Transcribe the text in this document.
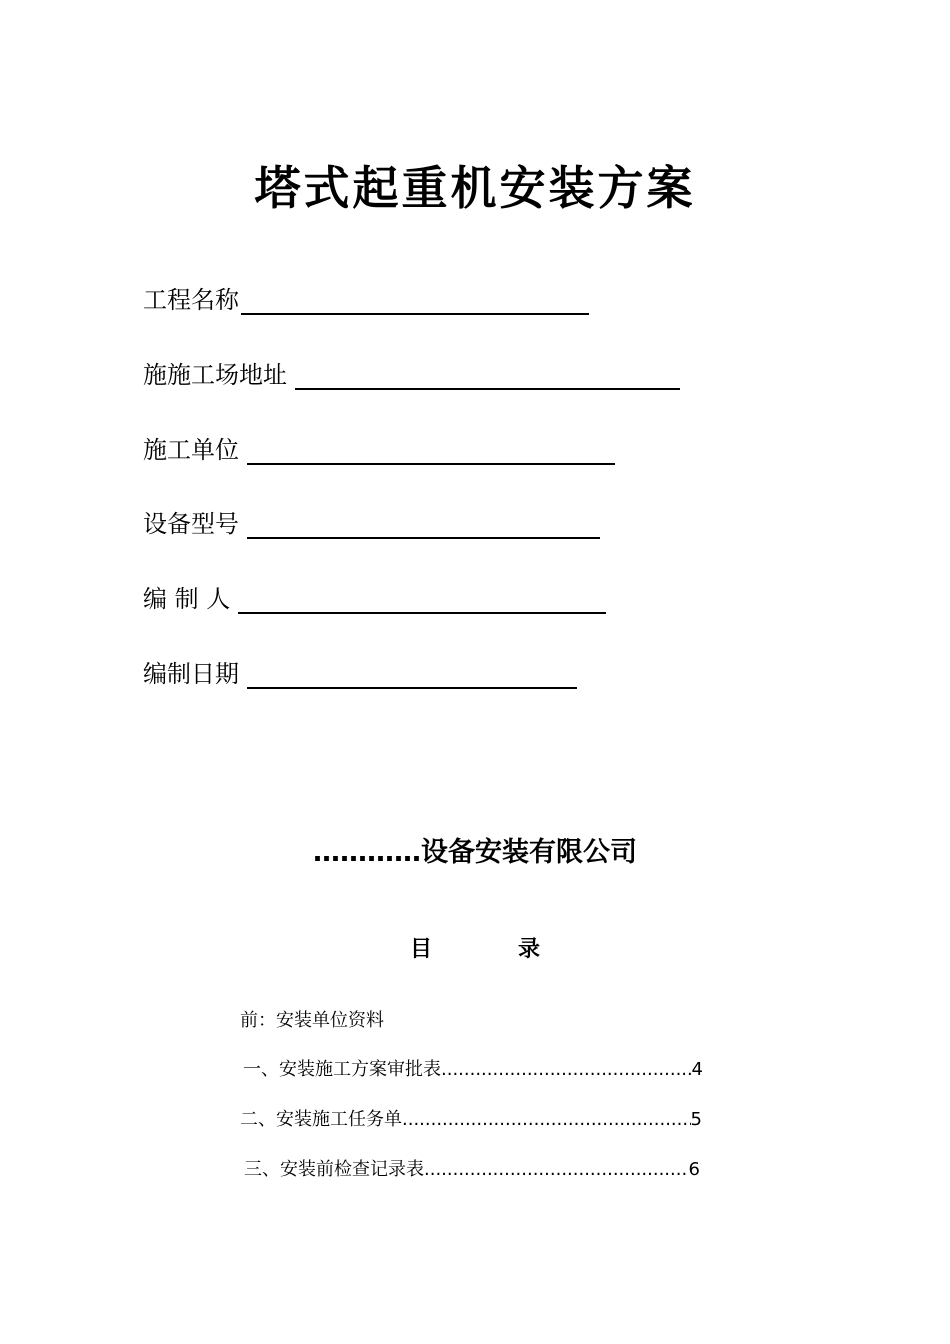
塔式起重机安装方案
工程名称
施施工场地址
施工单位
设备型号
编 制 人
编制日期
…………设备安装有限公司
目	录
前：安装单位资料
一、安装施工方案审批表 .....	4
二、安装施工任务单 .....	5
三、安装前检查记录表 .....	6
